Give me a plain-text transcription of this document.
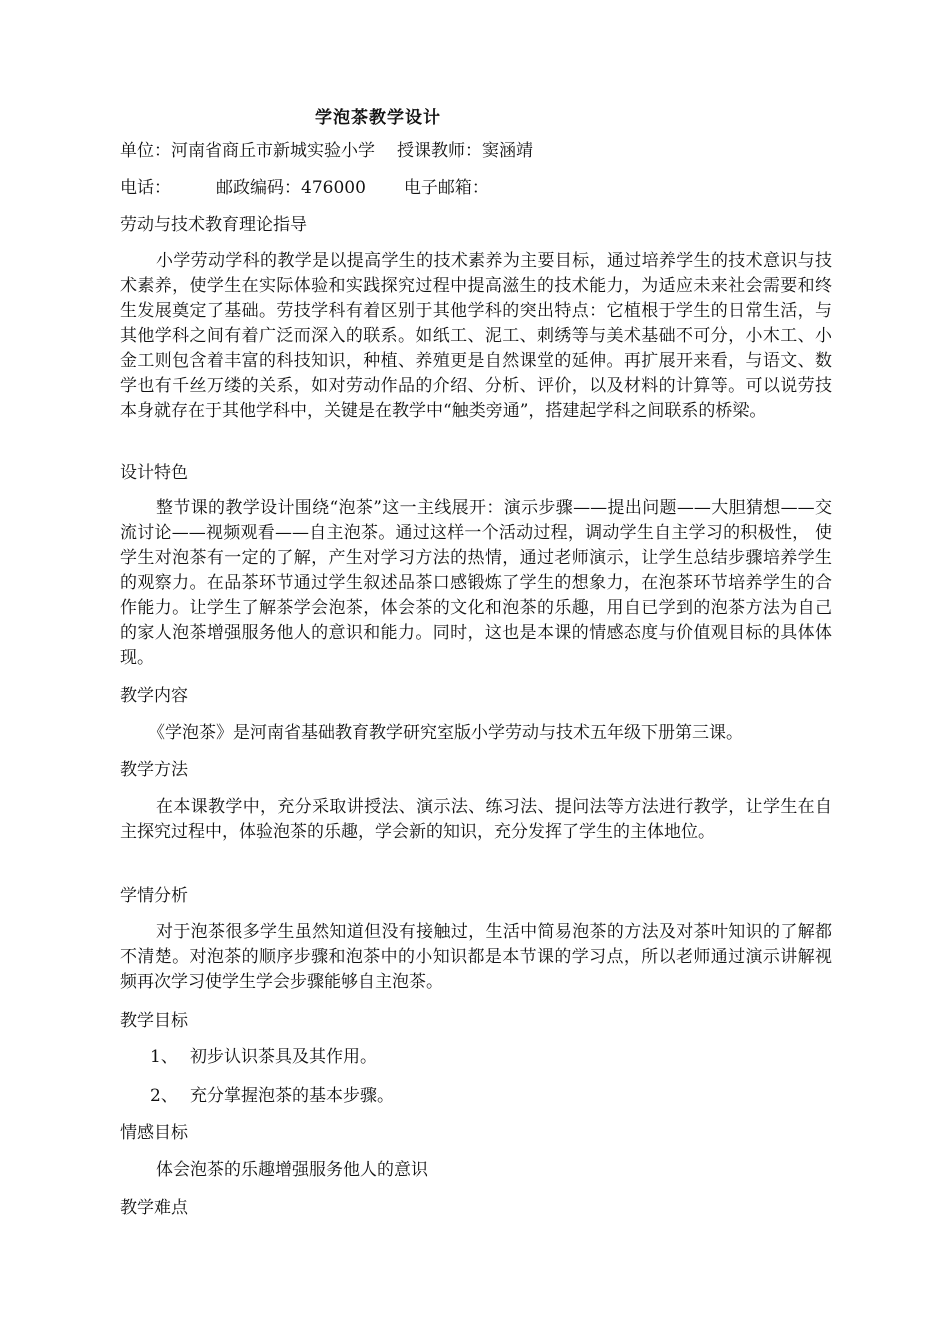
学泡茶教学设计
单位：河南省商丘市新城实验小学 授课教师：窦涵靖
电话：	邮政编码：476000 电子邮箱：
劳动与技术教育理论指导

小学劳动学科的教学是以提高学生的技术素养为主要目标，通过培养学生的技术意识与技术素养，使学生在实际体验和实践探究过程中提高滋生的技术能力，为适应未来社会需要和终生发展奠定了基础。劳技学科有着区别于其他学科的突出特点：它植根于学生的日常生活，与其他学科之间有着广泛而深入的联系。如纸工、泥工、刺绣等与美术基础不可分，小木工、小金工则包含着丰富的科技知识，种植、养殖更是自然课堂的延伸。再扩展开来看，与语文、数学也有千丝万缕的关系，如对劳动作品的介绍、分析、评价，以及材料的计算等。可以说劳技本身就存在于其他学科中，关键是在教学中“触类旁通”，搭建起学科之间联系的桥梁。

设计特色

整节课的教学设计围绕“泡茶”这一主线展开：演示步骤——提出问题——大胆猜想——交流讨论——视频观看——自主泡茶。通过这样一个活动过程，调动学生自主学习的积极性， 使学生对泡茶有一定的了解，产生对学习方法的热情，通过老师演示，让学生总结步骤培养学生的观察力。在品茶环节通过学生叙述品茶口感锻炼了学生的想象力，在泡茶环节培养学生的合作能力。让学生了解茶学会泡茶，体会茶的文化和泡茶的乐趣，用自已学到的泡茶方法为自己的家人泡茶增强服务他人的意识和能力。同时，这也是本课的情感态度与价值观目标的具体体现。

教学内容

《学泡茶》是河南省基础教育教学研究室版小学劳动与技术五年级下册第三课。

教学方法

在本课教学中，充分采取讲授法、演示法、练习法、提问法等方法进行教学，让学生在自主探究过程中，体验泡茶的乐趣，学会新的知识，充分发挥了学生的主体地位。

学情分析

对于泡茶很多学生虽然知道但没有接触过，生活中简易泡茶的方法及对茶叶知识的了解都不清楚。对泡茶的顺序步骤和泡茶中的小知识都是本节课的学习点，所以老师通过演示讲解视频再次学习使学生学会步骤能够自主泡茶。

教学目标
1、 初步认识茶具及其作用。
2、 充分掌握泡茶的基本步骤。
情感目标

体会泡茶的乐趣增强服务他人的意识

教学难点
